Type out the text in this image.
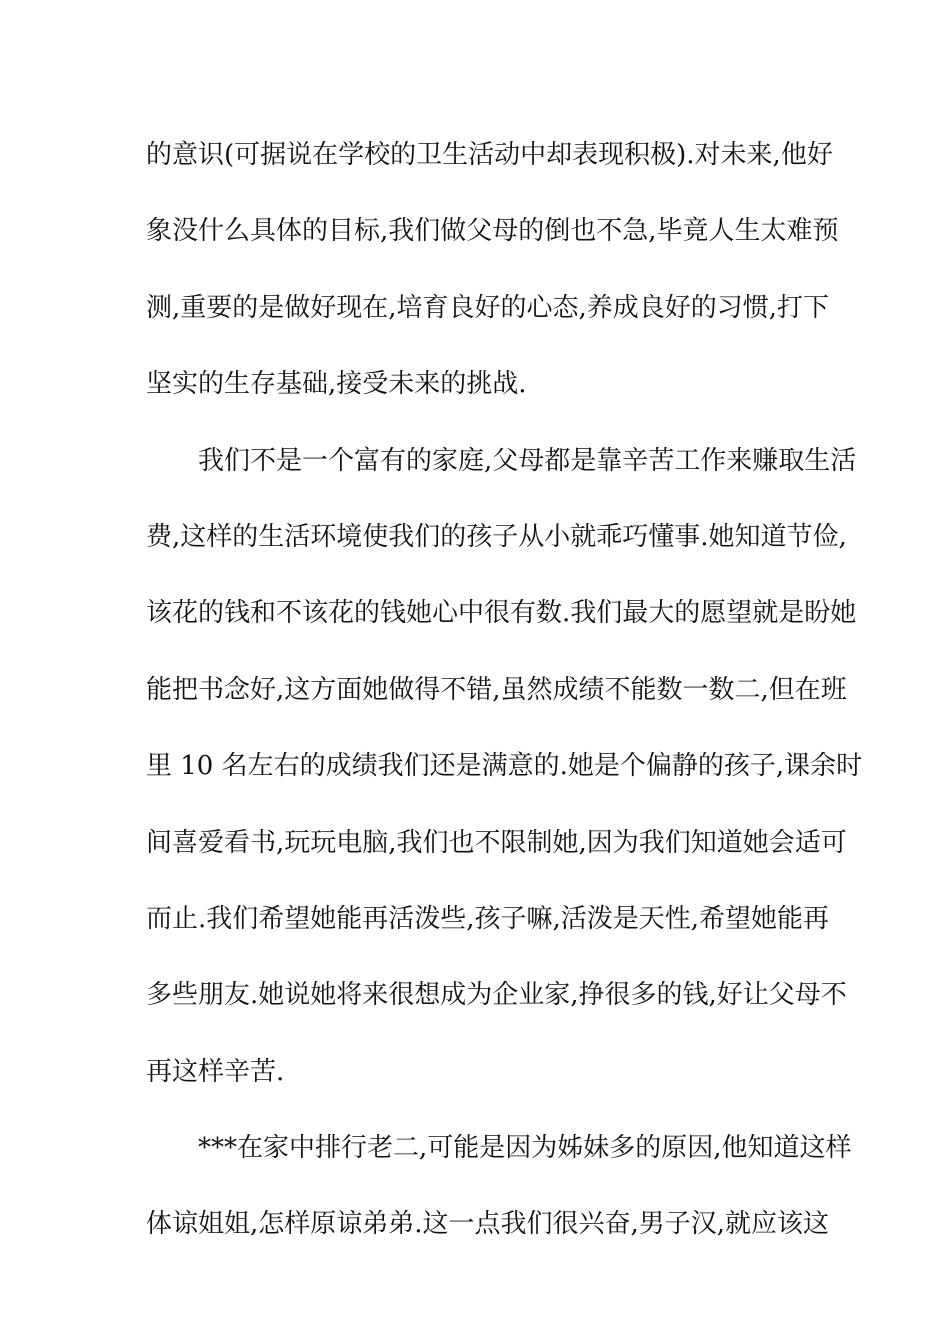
的意识(可据说在学校的卫生活动中却表现积极).对未来,他好
象没什么具体的目标,我们做父母的倒也不急,毕竟人生太难预
测,重要的是做好现在,培育良好的心态,养成良好的习惯,打下
坚实的生存基础,接受未来的挑战.
　　我们不是一个富有的家庭,父母都是靠辛苦工作来赚取生活
费,这样的生活环境使我们的孩子从小就乖巧懂事.她知道节俭,
该花的钱和不该花的钱她心中很有数.我们最大的愿望就是盼她
能把书念好,这方面她做得不错,虽然成绩不能数一数二,但在班
里 10 名左右的成绩我们还是满意的.她是个偏静的孩子,课余时
间喜爱看书,玩玩电脑,我们也不限制她,因为我们知道她会适可
而止.我们希望她能再活泼些,孩子嘛,活泼是天性,希望她能再
多些朋友.她说她将来很想成为企业家,挣很多的钱,好让父母不
再这样辛苦.
　　***在家中排行老二,可能是因为姊妹多的原因,他知道这样
体谅姐姐,怎样原谅弟弟.这一点我们很兴奋,男子汉,就应该这
